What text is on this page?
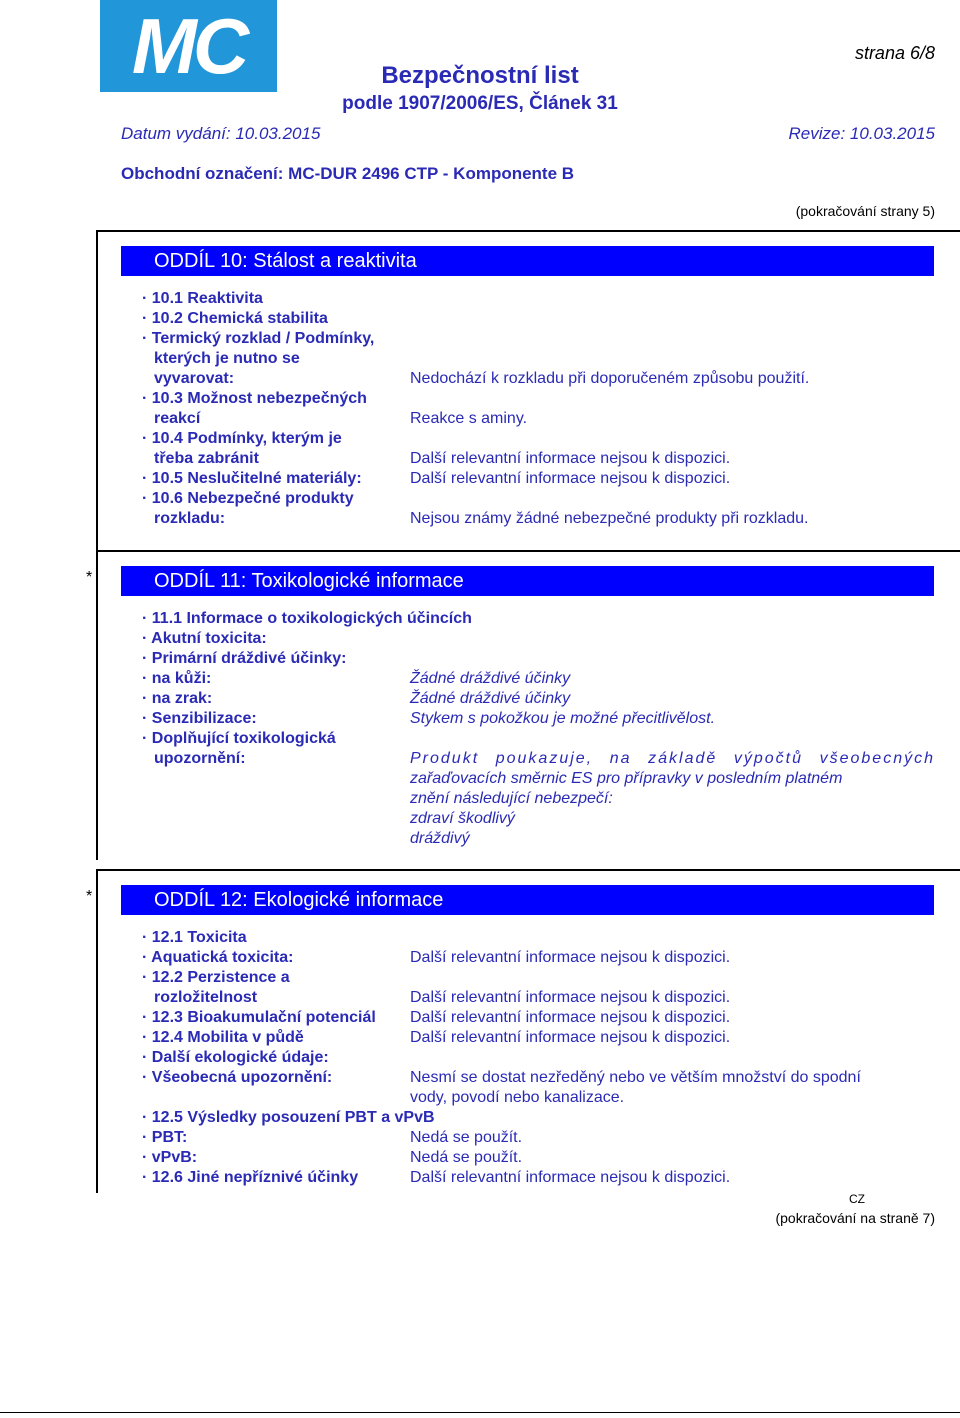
MC	strana 6/8
Bezpečnostní list
podle 1907/2006/ES, Článek 31
Datum vydání: 10.03.2015	Revize: 10.03.2015
Obchodní označení: MC-DUR 2496 CTP - Komponente B
(pokračování strany 5)
ODDÍL 10: Stálost a reaktivita
· 10.1 Reaktivita
· 10.2 Chemická stabilita
· Termický rozklad / Podmínky,
kterých je nutno se
vyvarovat:	Nedochází k rozkladu při doporučeném způsobu použití.
· 10.3 Možnost nebezpečných
reakcí	Reakce s aminy.
· 10.4 Podmínky, kterým je
třeba zabránit	Další relevantní informace nejsou k dispozici.
· 10.5 Neslučitelné materiály:	Další relevantní informace nejsou k dispozici.
· 10.6 Nebezpečné produkty
rozkladu:	Nejsou známy žádné nebezpečné produkty při rozkladu.
*	ODDÍL 11: Toxikologické informace
· 11.1 Informace o toxikologických účincích
· Akutní toxicita:
· Primární dráždivé účinky:
· na kůži:	Žádné dráždivé účinky
· na zrak:	Žádné dráždivé účinky
· Senzibilizace:	Stykem s pokožkou je možné přecitlivělost.
· Doplňující toxikologická
upozornění:	Produkt poukazuje, na základě výpočtů všeobecných
zařaďovacích směrnic ES pro přípravky v posledním platném
znění následující nebezpečí:
zdraví škodlivý
dráždivý
*	ODDÍL 12: Ekologické informace
· 12.1 Toxicita
· Aquatická toxicita:	Další relevantní informace nejsou k dispozici.
· 12.2 Perzistence a
rozložitelnost	Další relevantní informace nejsou k dispozici.
· 12.3 Bioakumulační potenciál Další relevantní informace nejsou k dispozici.
· 12.4 Mobilita v půdě	Další relevantní informace nejsou k dispozici.
· Další ekologické údaje:
· Všeobecná upozornění:	Nesmí se dostat nezředěný nebo ve větším množství do spodní
vody, povodí nebo kanalizace.
· 12.5 Výsledky posouzení PBT a vPvB
· PBT:	Nedá se použít.
· vPvB:	Nedá se použít.
· 12.6 Jiné nepříznivé účinky	Další relevantní informace nejsou k dispozici.
CZ
(pokračování na straně 7)
